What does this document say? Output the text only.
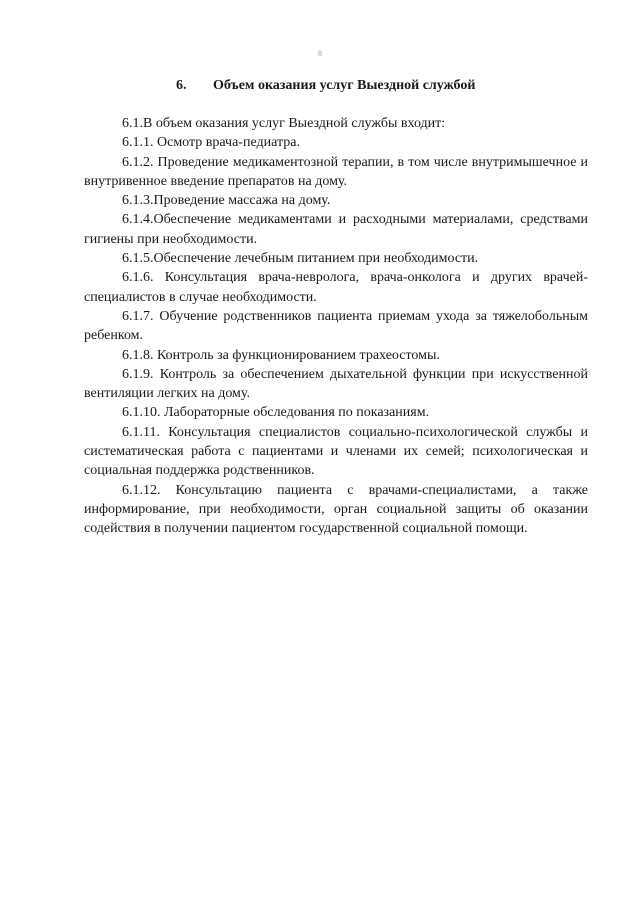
8
6. Объем оказания услуг Выездной службой

6.1.В объем оказания услуг Выездной службы входит:

6.1.1. Осмотр врача-педиатра.

6.1.2. Проведение медикаментозной терапии, в том числе внутримышечное и внутривенное введение препаратов на дому.

6.1.3.Проведение массажа на дому.

6.1.4.Обеспечение медикаментами и расходными материалами, средствами гигиены при необходимости.

6.1.5.Обеспечение лечебным питанием при необходимости.

6.1.6. Консультация врача-невролога, врача-онколога и других врачей-специалистов в случае необходимости.

6.1.7. Обучение родственников пациента приемам ухода за тяжелобольным ребенком.

6.1.8. Контроль за функционированием трахеостомы.

6.1.9. Контроль за обеспечением дыхательной функции при искусственной вентиляции легких на дому.

6.1.10. Лабораторные обследования по показаниям.

6.1.11. Консультация специалистов социально-психологической службы и систематическая работа с пациентами и членами их семей; психологическая и социальная поддержка родственников.

6.1.12. Консультацию пациента с врачами-специалистами, а также информирование, при необходимости, орган социальной защиты об оказании содействия в получении пациентом государственной социальной помощи.
